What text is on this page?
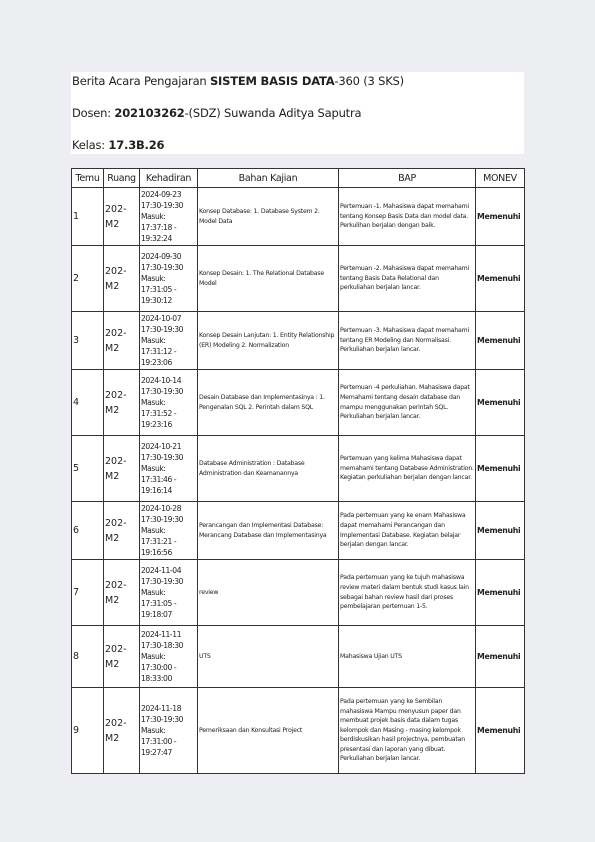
Berita Acara Pengajaran SISTEM BASIS DATA-360 (3 SKS)
Dosen: 202103262-(SDZ) Suwanda Aditya Saputra
Kelas: 17.3B.26
Temu	Ruang	Kehadiran	Bahan Kajian	BAP	MONEV
1	202-M2	2024-09-23 17:30-19:30 Masuk: 17:37:18 - 19:32:24	Konsep Database: 1. Database System 2. Model Data	Pertemuan -1. Mahasiswa dapat memahami tentang Konsep Basis Data dan model data. Perkulihan berjalan dengan baik.	Memenuhi
2	202-M2	2024-09-30 17:30-19:30 Masuk: 17:31:05 - 19:30:12	Konsep Desain: 1. The Relational Database Model	Pertemuan -2. Mahasiswa dapat memahami tentang Basis Data Relational dan perkuliahan berjalan lancar.	Memenuhi
3	202-M2	2024-10-07 17:30-19:30 Masuk: 17:31:12 - 19:23:06	Konsep Desain Lanjutan: 1. Entity Relationship (ER) Modeling 2. Normalization	Pertemuan -3. Mahasiswa dapat memahami tentang ER Modeling dan Normalisasi. Perkuliahan berjalan lancar.	Memenuhi
4	202-M2	2024-10-14 17:30-19:30 Masuk: 17:31:52 - 19:23:16	Desain Database dan Implementasinya : 1. Pengenalan SQL 2. Perintah dalam SQL	Pertemuan -4 perkuliahan. Mahasiswa dapat Memahami tentang desain database dan mampu menggunakan perintah SQL. Perkuliahan berjalan lancar.	Memenuhi
5	202-M2	2024-10-21 17:30-19:30 Masuk: 17:31:46 - 19:16:14	Database Administration : Database Administration dan Keamanannya	Pertemuan yang kelima Mahasiswa dapat memahami tentang Database Administration. Kegiatan perkuliahan berjalan dengan lancar.	Memenuhi
6	202-M2	2024-10-28 17:30-19:30 Masuk: 17:31:21 - 19:16:56	Perancangan dan Implementasi Database: Merancang Database dan Implementasinya	Pada pertemuan yang ke enam Mahasiswa dapat memahami Perancangan dan Implementasi Database. Kegiatan belajar berjalan dengan lancar.	Memenuhi
7	202-M2	2024-11-04 17:30-19:30 Masuk: 17:31:05 - 19:18:07	review	Pada pertemuan yang ke tujuh mahasiswa review materi dalam bentuk studi kasus lain sebagai bahan review hasil dari proses pembelajaran pertemuan 1-5.	Memenuhi
8	202-M2	2024-11-11 17:30-18:30 Masuk: 17:30:00 - 18:33:00	UTS	Mahasiswa Ujian UTS	Memenuhi
9	202-M2	2024-11-18 17:30-19:30 Masuk: 17:31:00 - 19:27:47	Pemeriksaan dan Konsultasi Project	Pada pertemuan yang ke Sembilan mahasiswa Mampu menyusun paper dan membuat projek basis data dalam tugas kelompok dan Masing - masing kelompok berdiskusikan hasil projectnya, pembuatan presentasi dan laporan yang dibuat. Perkuliahan berjalan lancar.	Memenuhi
